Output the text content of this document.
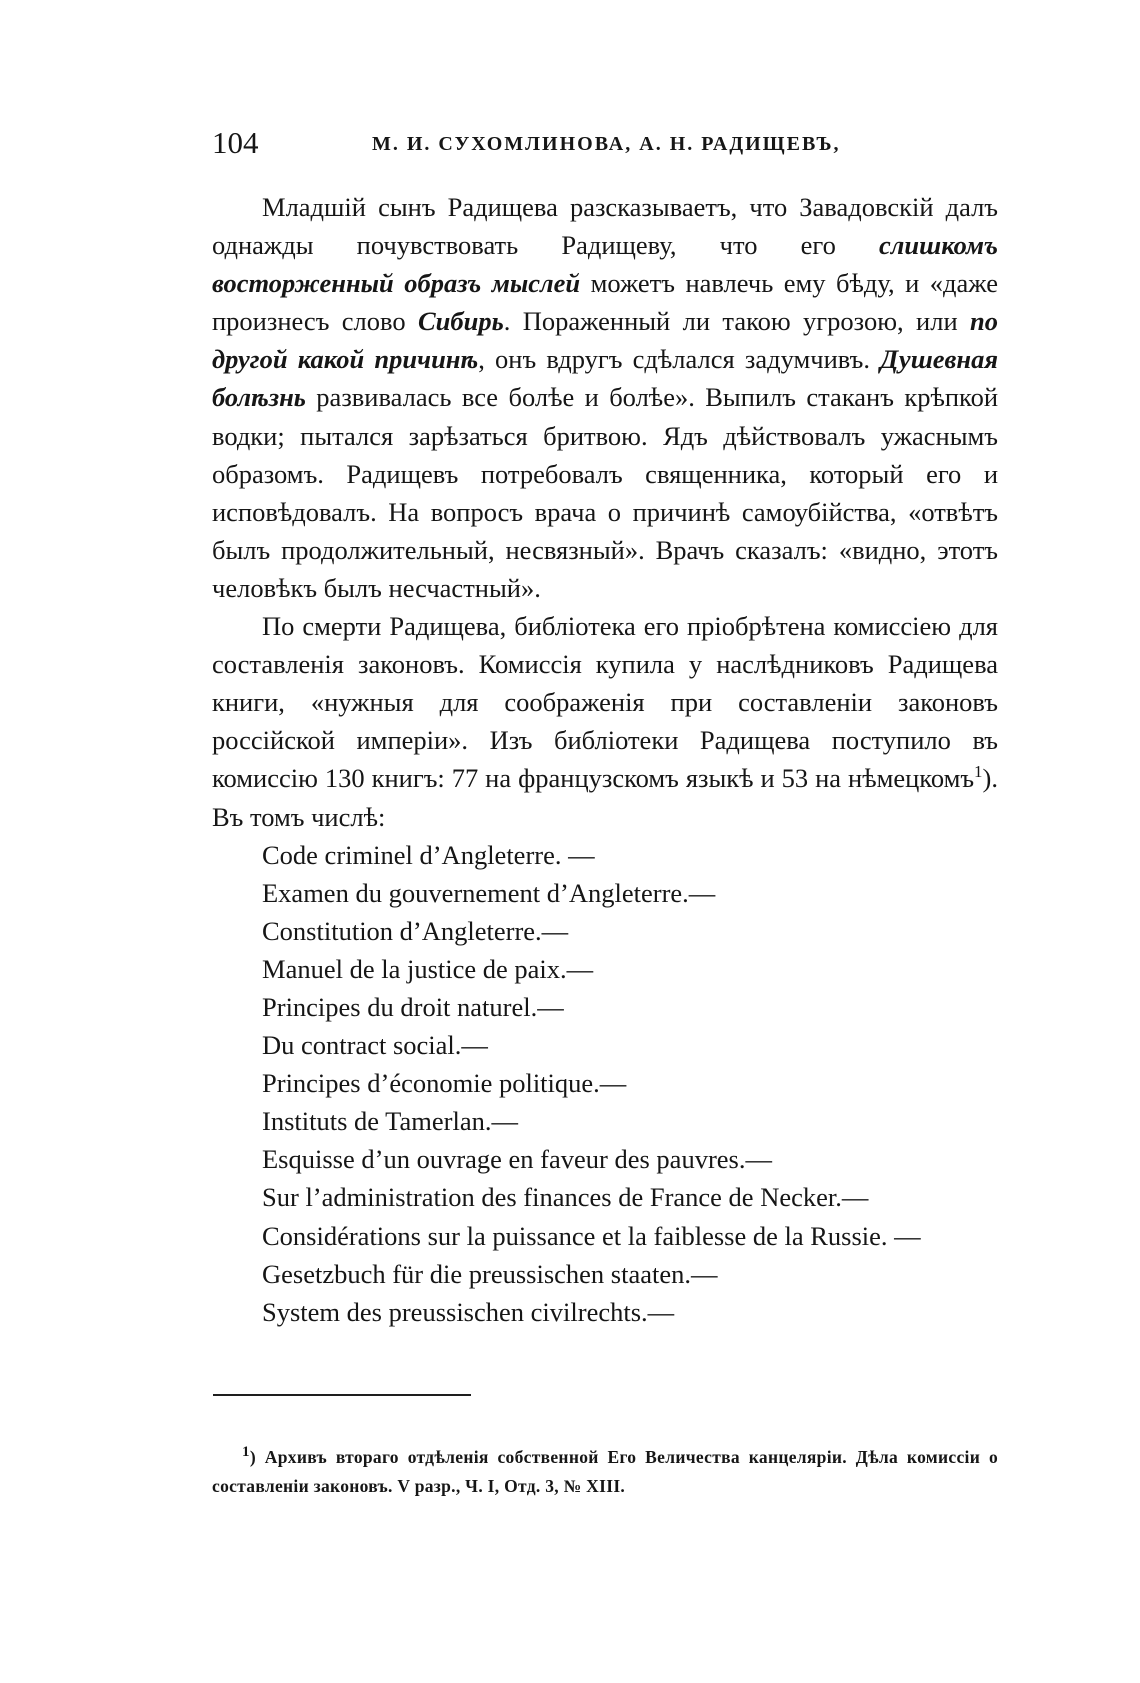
104	М. И. СУХОМЛИНОВА, А. Н. РАДИЩЕВЪ,

Младшій сынъ Радищева разсказываетъ, что Завадовскій далъ однажды почувствовать Радищеву, что его слишкомъ восторженный образъ мыслей можетъ навлечь ему бѣду, и «даже произнесъ слово Сибирь. Пораженный ли такою угрозою, или по другой какой причинѣ, онъ вдругъ сдѣлался задумчивъ. Душевная болѣзнь развивалась все болѣе и болѣе». Выпилъ стаканъ крѣпкой водки; пытался зарѣзаться бритвою. Ядъ дѣйствовалъ ужаснымъ образомъ. Радищевъ потребовалъ священника, который его и исповѣдовалъ. На вопросъ врача о причинѣ самоубійства, «отвѣтъ былъ продолжительный, несвязный». Врачъ сказалъ: «видно, этотъ человѣкъ былъ несчастный».

По смерти Радищева, библіотека его пріобрѣтена комиссіею для составленія законовъ. Комиссія купила у наслѣдниковъ Радищева книги, «нужныя для соображенія при составленіи законовъ россійской имперіи». Изъ библіотеки Радищева поступило въ комиссію 130 книгъ: 77 на французскомъ языкѣ и 53 на нѣмецкомъ$^1$). Въ томъ числѣ:

Code criminel d’Angleterre. —
Examen du gouvernement d’Angleterre.—
Constitution d’Angleterre.—
Manuel de la justice de paix.—
Principes du droit naturel.—
Du contract social.—
Principes d’économie politique.—
Instituts de Tamerlan.—
Esquisse d’un ouvrage en faveur des pauvres.—
Sur l’administration des finances de France de Necker.—
Considérations sur la puissance et la faiblesse de la Russie. —
Gesetzbuch für die preussischen staaten.—
System des preussischen civilrechts.—

1) Архивъ втораго отдѣленія собственной Его Величества канцеляріи. Дѣла комиссіи о составленіи законовъ. V разр., Ч. I, Отд. 3, № XIII.
